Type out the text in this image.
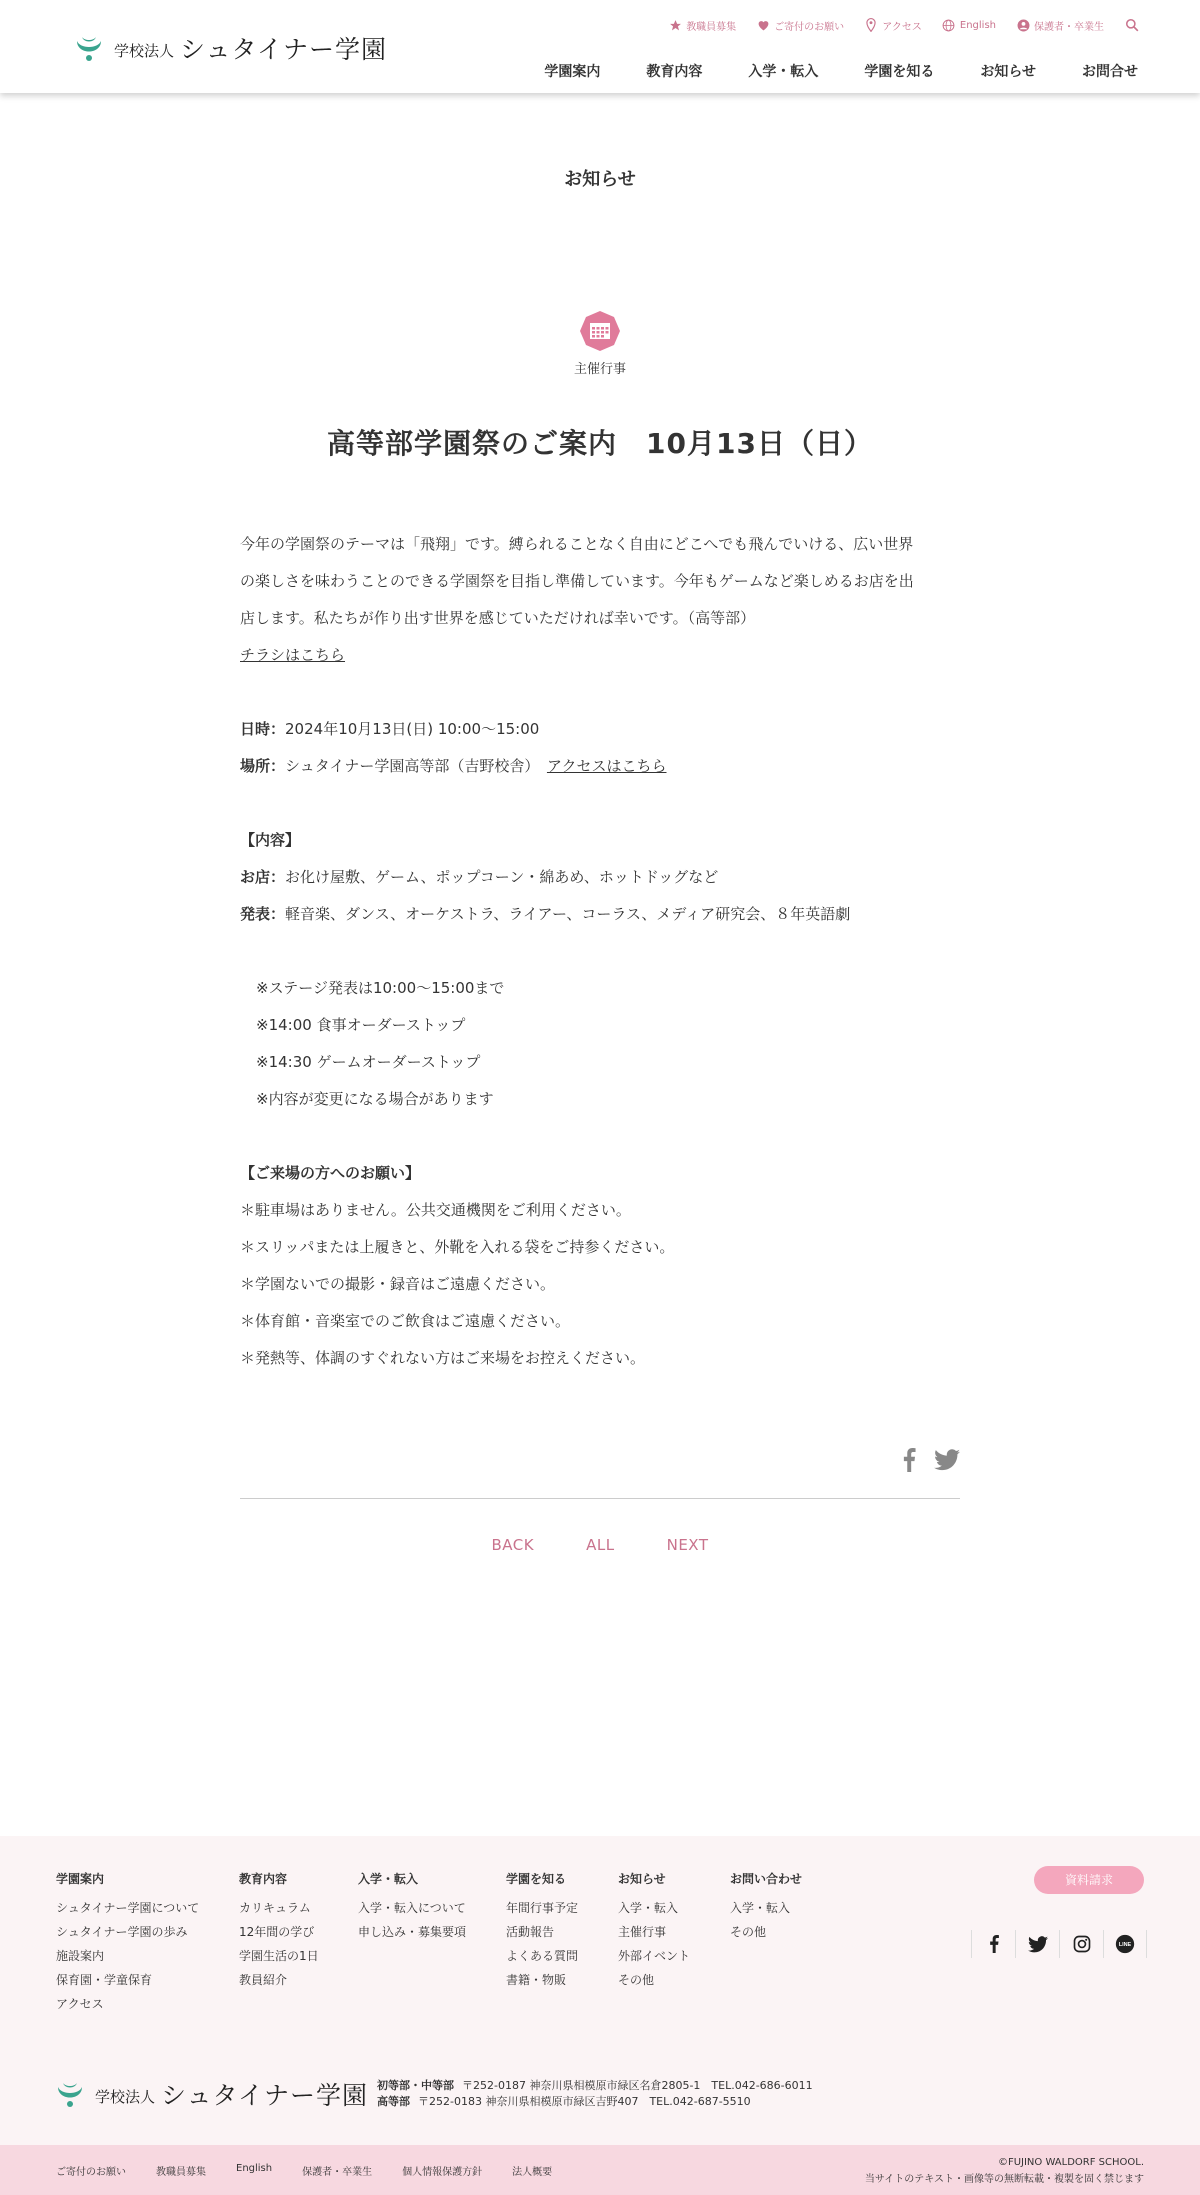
学校法人 シュタイナー学園
教職員募集	ご寄付のお願い	アクセス	English	保護者・卒業生
学園案内	教育内容	入学・転入	学園を知る	お知らせ	お問合せ
お知らせ
主催行事
高等部学園祭のご案内　10月13日（日）

今年の学園祭のテーマは「飛翔」です。縛られることなく自由にどこへでも飛んでいける、広い世界

の楽しさを味わうことのできる学園祭を目指し準備しています。今年もゲームなど楽しめるお店を出

店します。私たちが作り出す世界を感じていただければ幸いです。（高等部）

チラシはこちら

日時：2024年10月13日(日) 10:00〜15:00

場所：シュタイナー学園高等部（吉野校舎）　 アクセスはこちら

【内容】

お店：お化け屋敷、ゲーム、ポップコーン・綿あめ、ホットドッグなど

発表：軽音楽、ダンス、オーケストラ、ライアー、コーラス、メディア研究会、８年英語劇

※ステージ発表は10:00〜15:00まで

※14:00 食事オーダーストップ

※14:30 ゲームオーダーストップ

※内容が変更になる場合があります

【ご来場の方へのお願い】

＊駐車場はありません。公共交通機関をご利用ください。

＊スリッパまたは上履きと、外靴を入れる袋をご持参ください。

＊学園ないでの撮影・録音はご遠慮ください。

＊体育館・音楽室でのご飲食はご遠慮ください。

＊発熱等、体調のすぐれない方はご来場をお控えください。

BACK	ALL	NEXT
学園案内
シュタイナー学園について
シュタイナー学園の歩み
施設案内
保育園・学童保育
アクセス
教育内容
カリキュラム
12年間の学び
学園生活の1日
教員紹介
入学・転入
入学・転入について
申し込み・募集要項
学園を知る
年間行事予定
活動報告
よくある質問
書籍・物販
お知らせ
入学・転入
主催行事
外部イベント
その他
お問い合わせ
入学・転入
その他
資料請求
LINE
学校法人 シュタイナー学園 初等部・中等部 〒252-0187 神奈川県相模原市緑区名倉2805-1　TEL.042-686-6011
高等部 〒252-0183 神奈川県相模原市緑区吉野407　TEL.042-687-5510
ご寄付のお願い	教職員募集	English	保護者・卒業生	個人情報保護方針	法人概要
©FUJINO WALDORF SCHOOL.
当サイトのテキスト・画像等の無断転載・複製を固く禁じます
